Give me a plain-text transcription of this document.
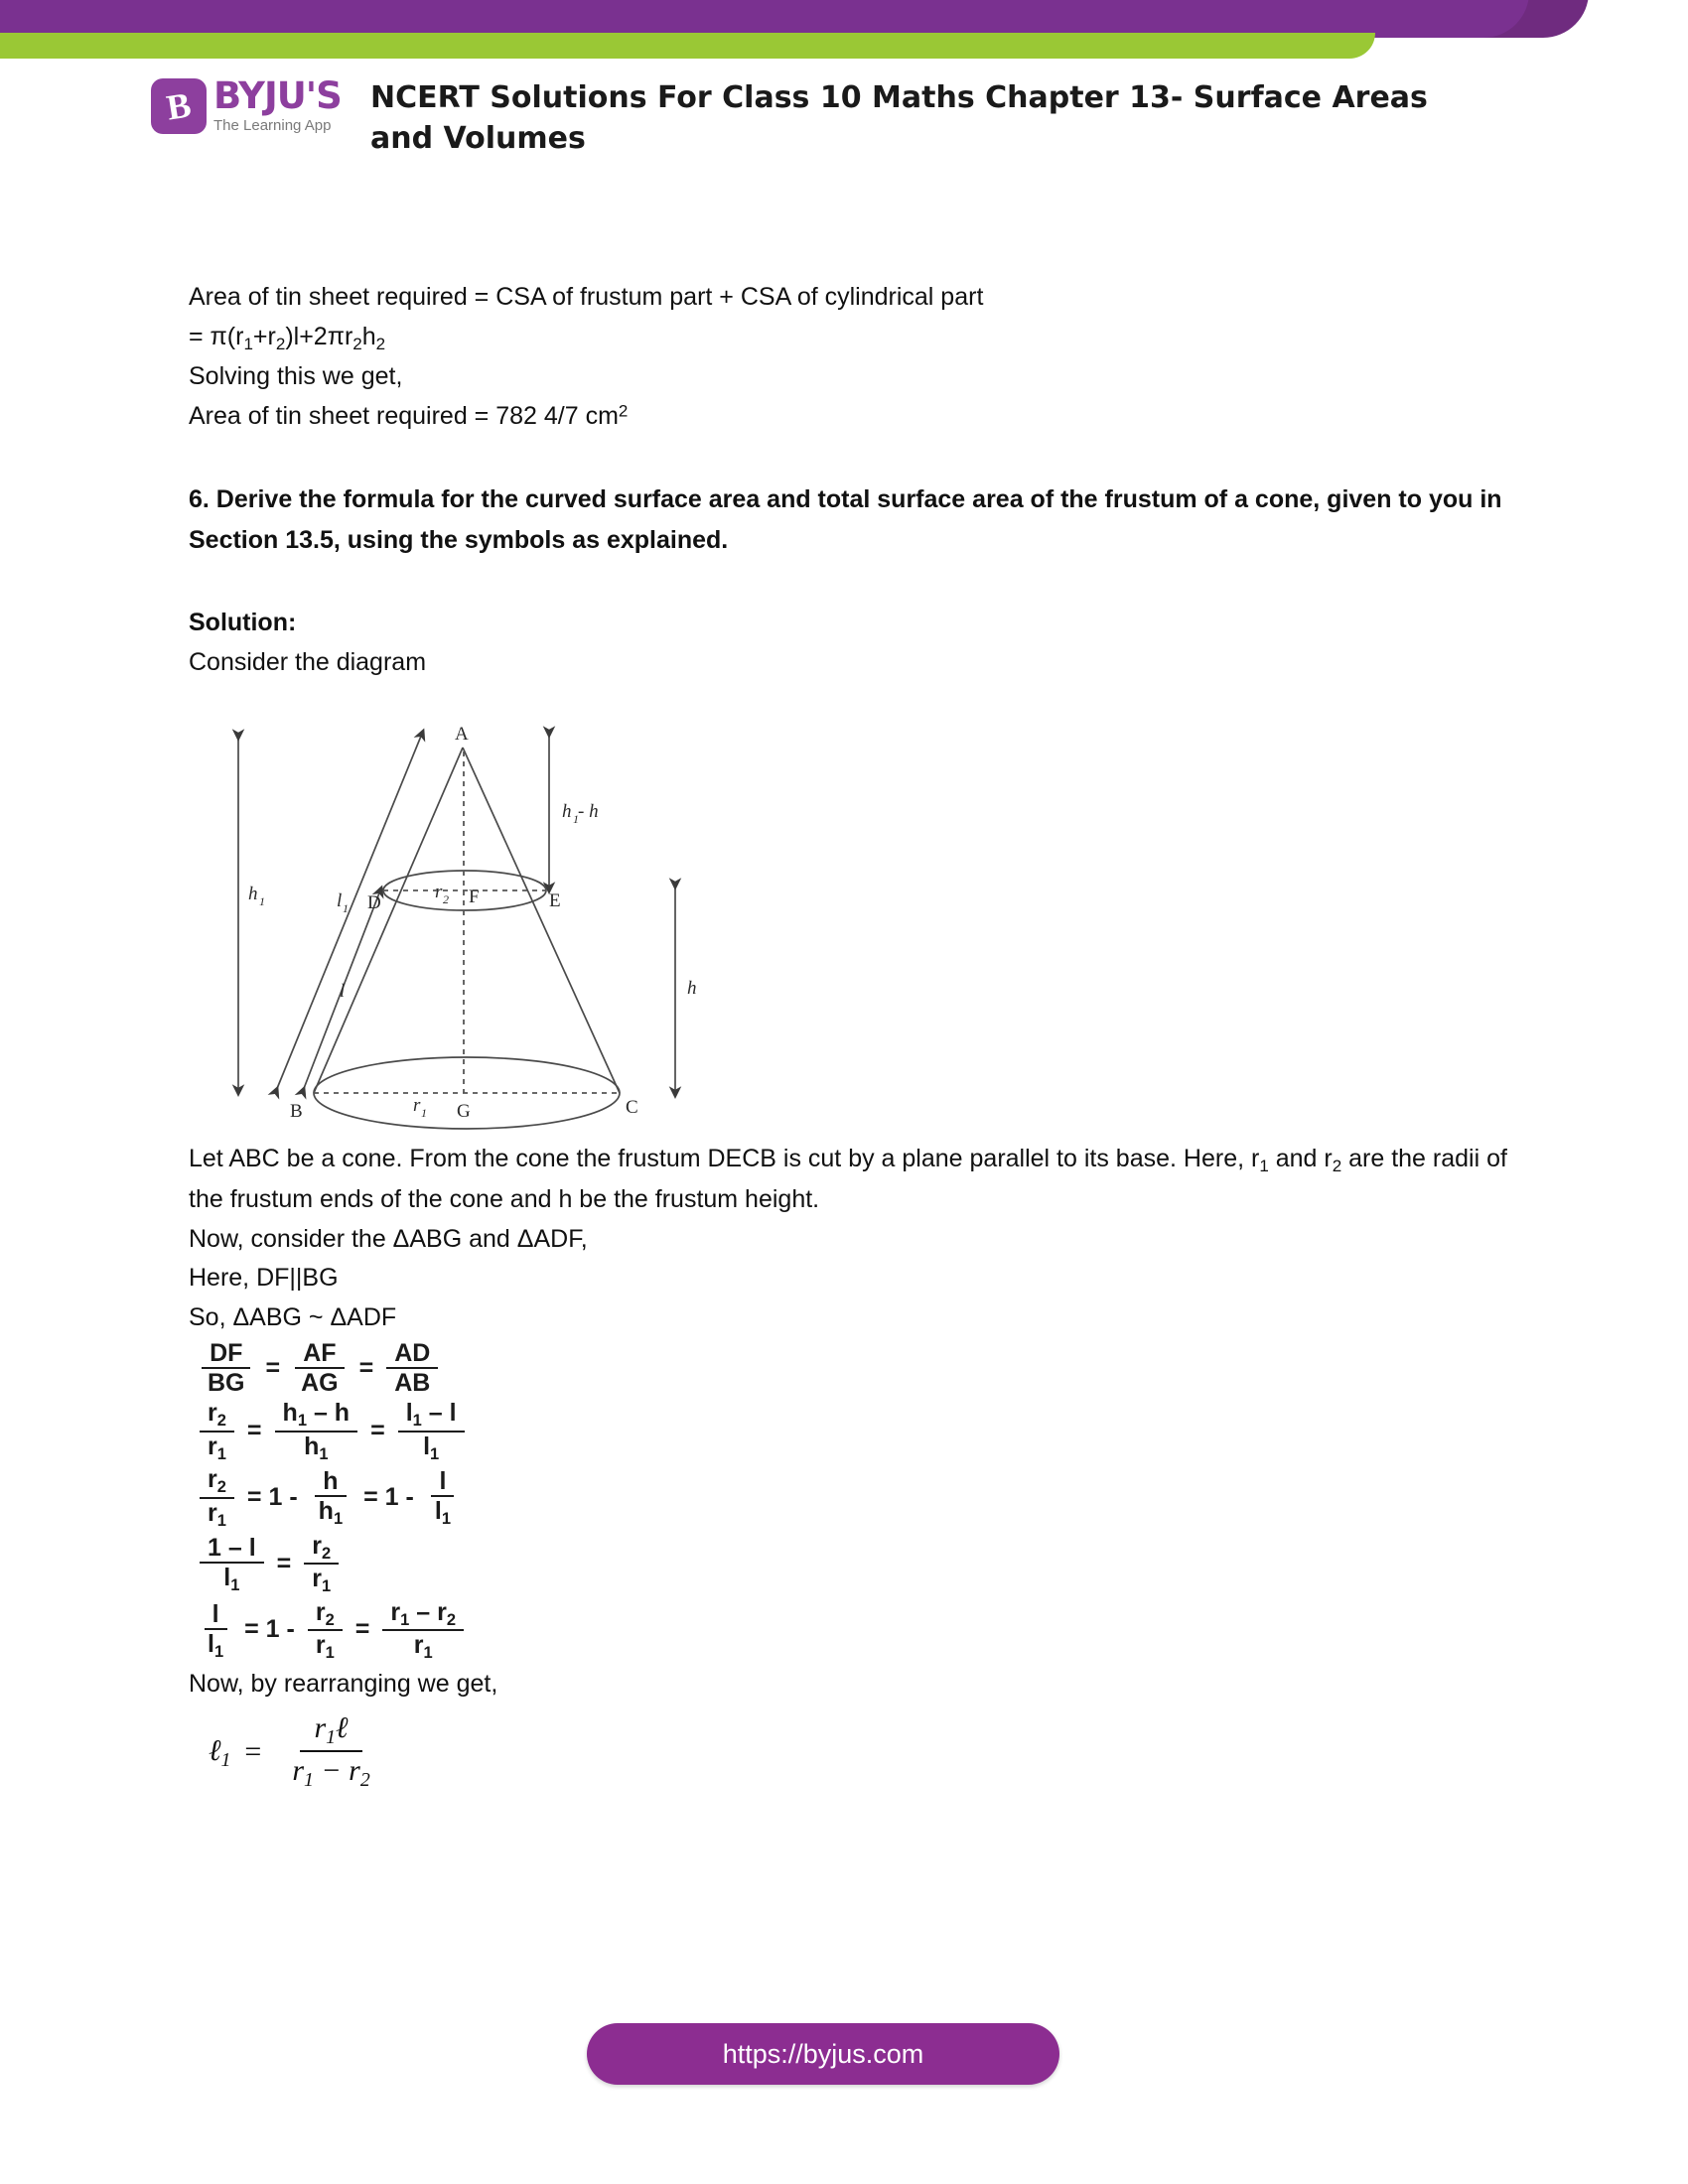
B BYJU'S
The Learning App
NCERT Solutions For Class 10 Maths Chapter 13- Surface Areas and Volumes
Area of tin sheet required = CSA of frustum part + CSA of cylindrical part
= $\pi(r_1+r_2)l+2\pi r_2h_2$
Solving this we get,
Area of tin sheet required = 782 4/7 $cm^2$
6. Derive the formula for the curved surface area and total surface area of the frustum of a cone, given to you in Section 13.5, using the symbols as explained.
Solution:
Consider the diagram
A
B	C
D	E
F
G
h 1
h 1 - h
h
l 1
l
r 1
r 2
Let ABC be a cone. From the cone the frustum DECB is cut by a plane parallel to its base. Here, $r_1$ and $r_2$ are the radii of the frustum ends of the cone and h be the frustum height.
Now, consider the ΔABG and ΔADF,
Here, DF||BG
So, ΔABG ~ ΔADF
$\frac{DF}{BG} = \frac{AF}{AG} = \frac{AD}{AB}$
$\frac{r2}{r1} = \frac{h1 - h}{h1} = \frac{l1 - l}{l1}$
$\frac{r2}{r1} = 1 - \frac{h}{h1} = 1 - \frac{l}{l1}$
$\frac{1 - l}{l1} = \frac{r2}{r1}$
$\frac{l}{l1} = 1 - \frac{r2}{r1} = \frac{r1 - r2}{r1}$
Now, by rearranging we get,
ℓ1 = $\frac{\text{r1ℓ}}{r1 - r2}$
https://byjus.com
